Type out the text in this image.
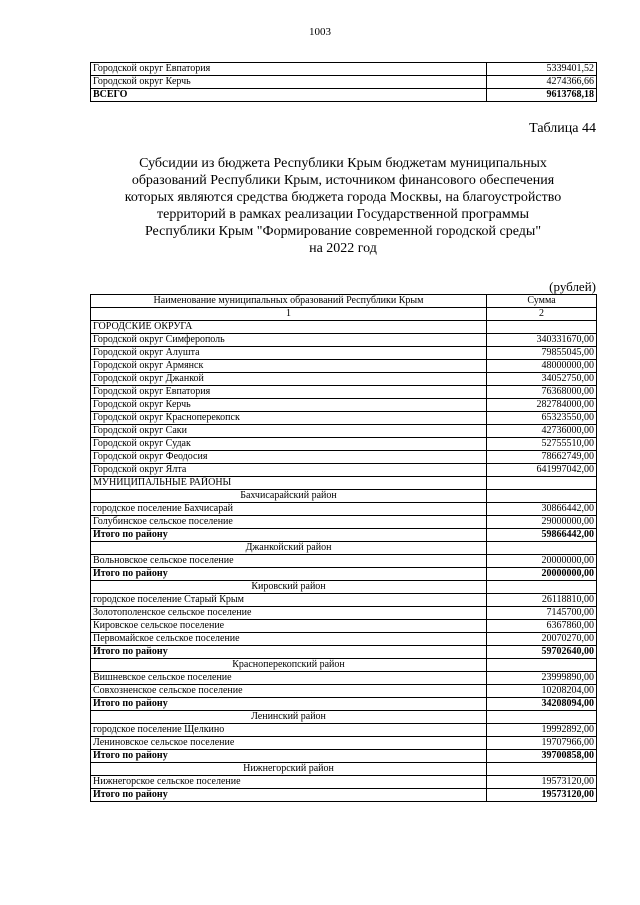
1003
Городской округ Евпатория	5339401,52
Городской округ Керчь	4274366,66
ВСЕГО	9613768,18
Таблица 44
Субсидии из бюджета Республики Крым бюджетам муниципальных
образований Республики Крым, источником финансового обеспечения
которых являются средства бюджета города Москвы, на благоустройство
территорий в рамках реализации Государственной программы
Республики Крым "Формирование современной городской среды"
на 2022 год
(рублей)
Наименование муниципальных образований Республики Крым	Сумма
1	2
ГОРОДСКИЕ ОКРУГА	
Городской округ Симферополь	340331670,00
Городской округ Алушта	79855045,00
Городской округ Армянск	48000000,00
Городской округ Джанкой	34052750,00
Городской округ Евпатория	76368000,00
Городской округ Керчь	282784000,00
Городской округ Красноперекопск	65323550,00
Городской округ Саки	42736000,00
Городской округ Судак	52755510,00
Городской округ Феодосия	78662749,00
Городской округ Ялта	641997042,00
МУНИЦИПАЛЬНЫЕ РАЙОНЫ	
Бахчисарайский район	
городское поселение Бахчисарай	30866442,00
Голубинское сельское поселение	29000000,00
Итого по району	59866442,00
Джанкойский район	
Вольновское сельское поселение	20000000,00
Итого по району	20000000,00
Кировский район	
городское поселение Старый Крым	26118810,00
Золотополенское сельское поселение	7145700,00
Кировское сельское поселение	6367860,00
Первомайское сельское поселение	20070270,00
Итого по району	59702640,00
Красноперекопский район	
Вишневское сельское поселение	23999890,00
Совхозненское сельское поселение	10208204,00
Итого по району	34208094,00
Ленинский район	
городское поселение Щелкино	19992892,00
Лениновское сельское поселение	19707966,00
Итого по району	39700858,00
Нижнегорский район	
Нижнегорское сельское поселение	19573120,00
Итого по району	19573120,00
